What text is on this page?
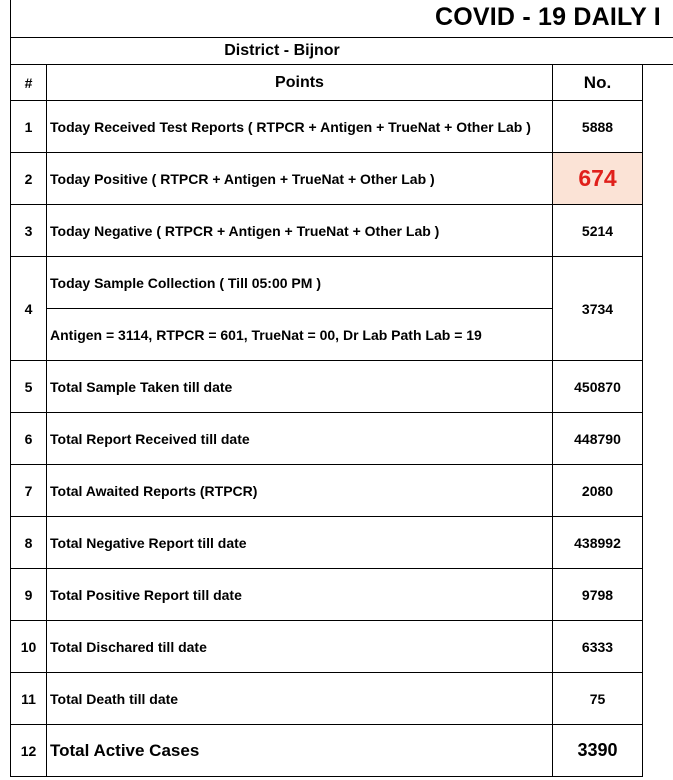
COVID - 19 DAILY I
District - Bijnor
#	Points	No.
1	Today Received Test Reports ( RTPCR + Antigen + TrueNat + Other Lab )	5888
2	Today Positive ( RTPCR + Antigen + TrueNat + Other Lab )	674
3	Today Negative ( RTPCR + Antigen + TrueNat + Other Lab )	5214
4	Today Sample Collection ( Till 05:00 PM )	3734
	Antigen = 3114, RTPCR = 601, TrueNat = 00, Dr Lab Path Lab = 19	
5	Total Sample Taken till date	450870
6	Total Report Received till date	448790
7	Total Awaited Reports (RTPCR)	2080
8	Total Negative Report till date	438992
9	Total Positive Report till date	9798
10	Total Dischared till date	6333
11	Total Death till date	75
12	Total Active Cases	3390
